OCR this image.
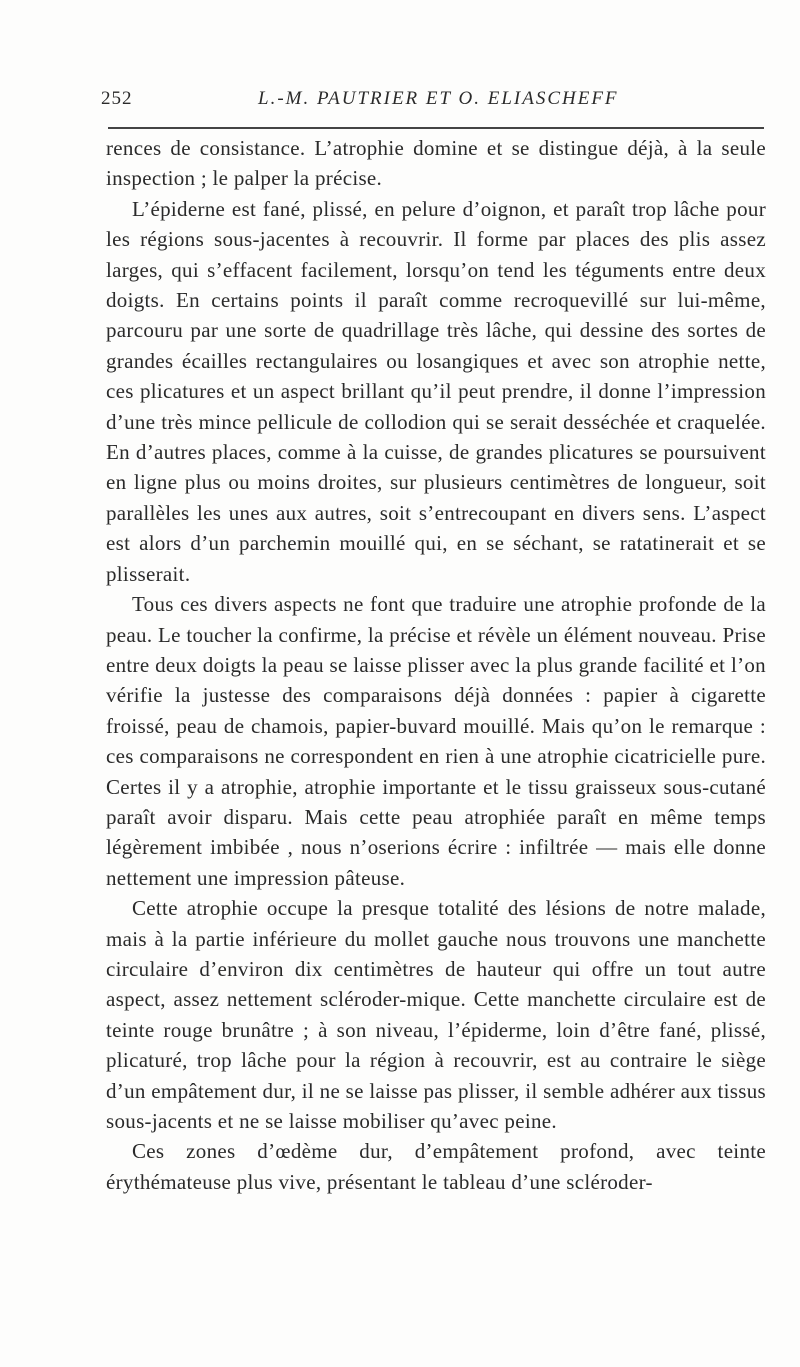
252	L.-M. PAUTRIER ET O. ELIASCHEFF

rences de consistance. L’atrophie domine et se distingue déjà, à la seule inspection ; le palper la précise.

L’épiderne est fané, plissé, en pelure d’oignon, et paraît trop lâche pour les régions sous-jacentes à recouvrir. Il forme par places des plis assez larges, qui s’effacent facilement, lorsqu’on tend les téguments entre deux doigts. En certains points il paraît comme recroquevillé sur lui-même, parcouru par une sorte de quadrillage très lâche, qui dessine des sortes de grandes écailles rectangulaires ou losangiques et avec son atrophie nette, ces plicatures et un aspect brillant qu’il peut prendre, il donne l’impression d’une très mince pellicule de collodion qui se serait desséchée et craquelée. En d’autres places, comme à la cuisse, de grandes plicatures se poursuivent en ligne plus ou moins droites, sur plusieurs centimètres de longueur, soit parallèles les unes aux autres, soit s’entrecoupant en divers sens. L’aspect est alors d’un parchemin mouillé qui, en se séchant, se ratatinerait et se plisserait.

Tous ces divers aspects ne font que traduire une atrophie profonde de la peau. Le toucher la confirme, la précise et révèle un élément nouveau. Prise entre deux doigts la peau se laisse plisser avec la plus grande facilité et l’on vérifie la justesse des comparaisons déjà données : papier à cigarette froissé, peau de chamois, papier-buvard mouillé. Mais qu’on le remarque : ces comparaisons ne correspondent en rien à une atrophie cicatricielle pure. Certes il y a atrophie, atrophie importante et le tissu graisseux sous-cutané paraît avoir disparu. Mais cette peau atrophiée paraît en même temps légèrement imbibée , nous n’oserions écrire : infiltrée — mais elle donne nettement une impression pâteuse.

Cette atrophie occupe la presque totalité des lésions de notre malade, mais à la partie inférieure du mollet gauche nous trouvons une manchette circulaire d’environ dix centimètres de hauteur qui offre un tout autre aspect, assez nettement scléroder-mique. Cette manchette circulaire est de teinte rouge brunâtre ; à son niveau, l’épiderme, loin d’être fané, plissé, plicaturé, trop lâche pour la région à recouvrir, est au contraire le siège d’un empâtement dur, il ne se laisse pas plisser, il semble adhérer aux tissus sous-jacents et ne se laisse mobiliser qu’avec peine.

Ces zones d’œdème dur, d’empâtement profond, avec teinte érythémateuse plus vive, présentant le tableau d’une scléroder-
